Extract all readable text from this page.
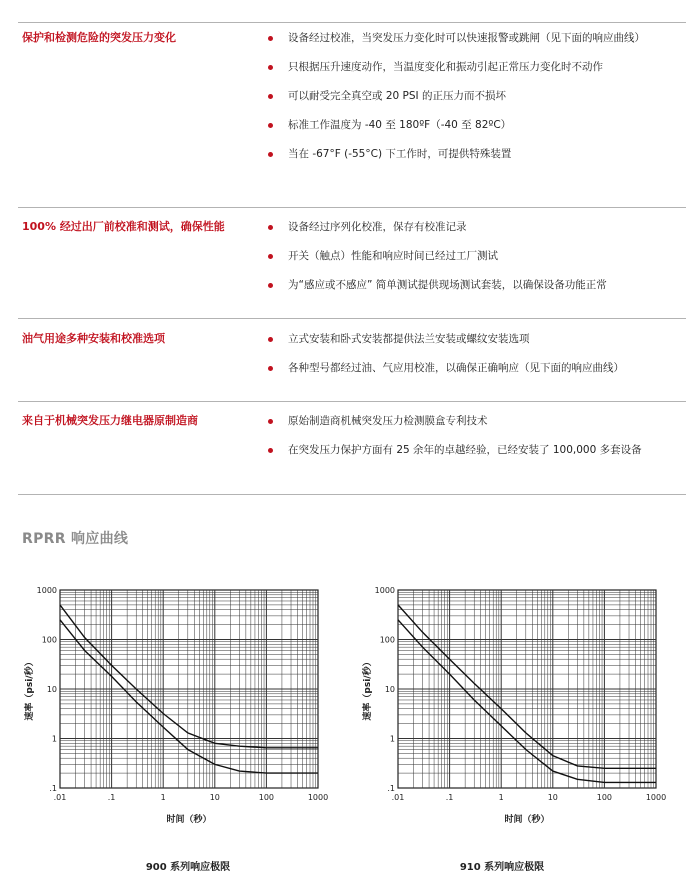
保护和检测危险的突发压力变化	设备经过校准，当突发压力变化时可以快速报警或跳闸（见下面的响应曲线）
只根据压升速度动作，当温度变化和振动引起正常压力变化时不动作
可以耐受完全真空或 20 PSI 的正压力而不损坏
标准工作温度为 -40 至 180ºF（-40 至 82ºC）
当在 -67°F (-55°C) 下工作时，可提供特殊装置
100% 经过出厂前校准和测试，确保性能	设备经过序列化校准，保存有校准记录
开关（触点）性能和响应时间已经过工厂测试
为“感应或不感应” 简单测试提供现场测试套装，以确保设备功能正常
油气用途多种安装和校准选项	立式安装和卧式安装都提供法兰安装或螺纹安装选项
各种型号都经过油、气应用校准，以确保正确响应（见下面的响应曲线）
来自于机械突发压力继电器原制造商	原始制造商机械突发压力检测膜盒专利技术
在突发压力保护方面有 25 余年的卓越经验，已经安装了 100,000 多套设备
RPRR 响应曲线
.01	.1	1	10	100	1000
.1
1
10
100
1000
时间（秒）
速率（psi/秒）
900 系列响应极限
.01	.1	1	10	100	1000
.1
1
10
100
1000
时间（秒）
速率（psi/秒）
910 系列响应极限
